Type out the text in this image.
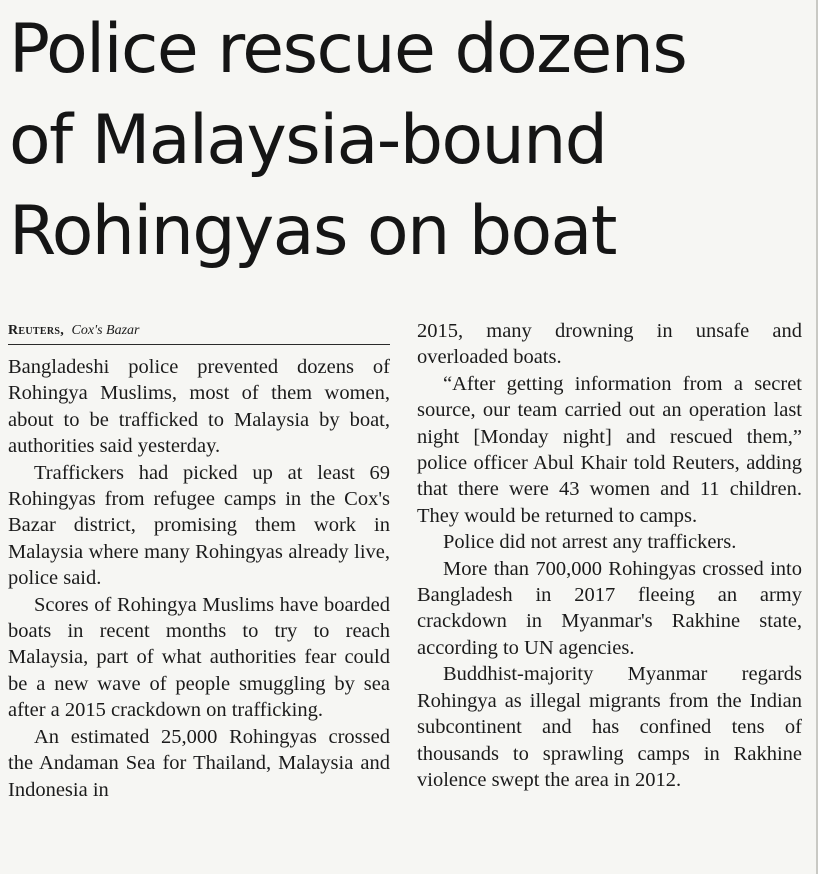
Police rescue dozens
of Malaysia-bound
Rohingyas on boat
Reuters, Cox's Bazar

Bangladeshi police prevented dozens of Rohingya Muslims, most of them women, about to be trafficked to Malaysia by boat, authorities said yesterday.

Traffickers had picked up at least 69 Rohingyas from refugee camps in the Cox's Bazar district, promising them work in Malaysia where many Rohingyas already live, police said.

Scores of Rohingya Muslims have boarded boats in recent months to try to reach Malaysia, part of what authorities fear could be a new wave of people smuggling by sea after a 2015 crackdown on trafficking.

An estimated 25,000 Rohingyas crossed the Andaman Sea for Thailand, Malaysia and Indonesia in

2015, many drowning in unsafe and overloaded boats.

“After getting information from a secret source, our team carried out an operation last night [Monday night] and rescued them,” police officer Abul Khair told Reuters, adding that there were 43 women and 11 children. They would be returned to camps.

Police did not arrest any traffickers.

More than 700,000 Rohingyas crossed into Bangladesh in 2017 fleeing an army crackdown in Myanmar's Rakhine state, according to UN agencies.

Buddhist-majority Myanmar regards Rohingya as illegal migrants from the Indian subcontinent and has confined tens of thousands to sprawling camps in Rakhine violence swept the area in 2012.
